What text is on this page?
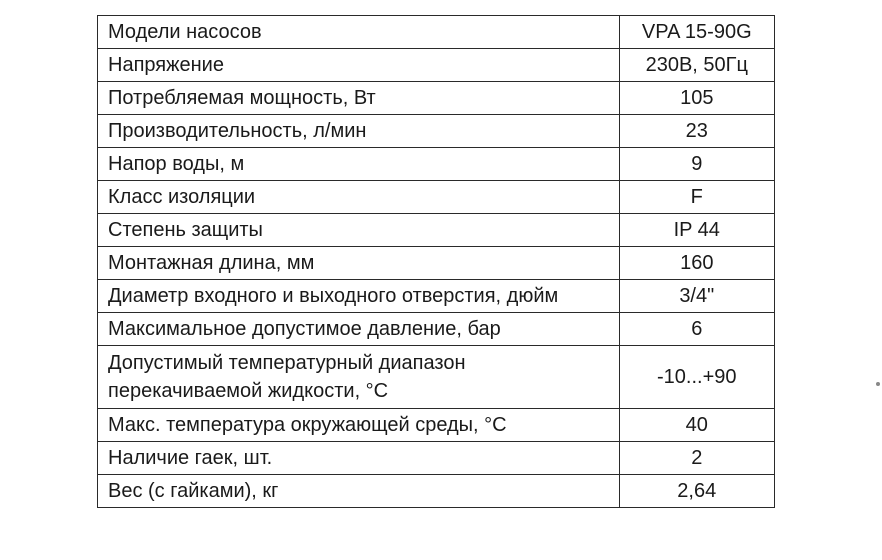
Модели насосов	VPA 15-90G
Напряжение	230В, 50Гц
Потребляемая мощность, Вт	105
Производительность, л/мин	23
Напор воды, м	9
Класс изоляции	F
Степень защиты	IP 44
Монтажная длина, мм	160
Диаметр входного и выходного отверстия, дюйм	3/4"
Максимальное допустимое давление, бар	6
Допустимый температурный диапазон перекачиваемой жидкости, °С	-10...+90
Макс. температура окружающей среды, °С	40
Наличие гаек, шт.	2
Вес (с гайками), кг	2,64
